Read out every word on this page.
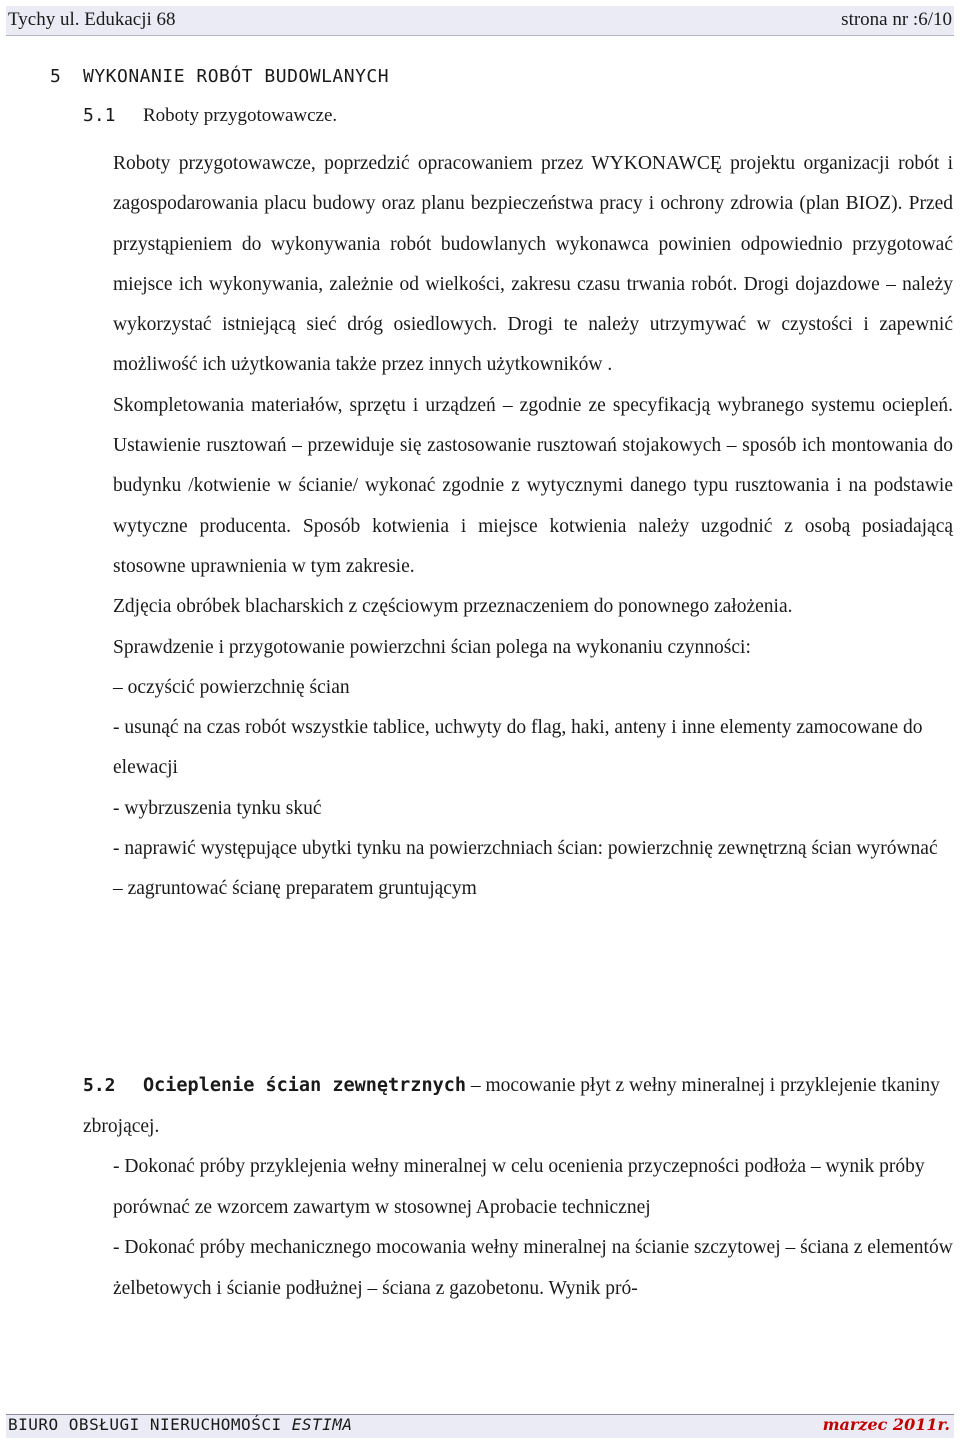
Tychy ul. Edukacji 68	strona nr :6/10
5 WYKONANIE ROBÓT BUDOWLANYCH
5.1 Roboty przygotowawcze.

Roboty przygotowawcze, poprzedzić opracowaniem przez WYKONAWCĘ projektu organizacji robót i zagospodarowania placu budowy oraz planu bezpieczeństwa pracy i ochrony zdrowia (plan BIOZ). Przed przystąpieniem do wykonywania robót budowlanych wykonawca powinien odpowiednio przygotować miejsce ich wykonywania, zależnie od wielkości, zakresu czasu trwania robót. Drogi dojazdowe – należy wykorzystać istniejącą sieć dróg osiedlowych. Drogi te należy utrzymywać w czystości i zapewnić możliwość ich użytkowania także przez innych użytkowników .

Skompletowania materiałów, sprzętu i urządzeń – zgodnie ze specyfikacją wybranego systemu ociepleń. Ustawienie rusztowań – przewiduje się zastosowanie rusztowań stojakowych – sposób ich montowania do budynku /kotwienie w ścianie/ wykonać zgodnie z wytycznymi danego typu rusztowania i na podstawie wytyczne producenta. Sposób kotwienia i miejsce kotwienia należy uzgodnić z osobą posiadającą stosowne uprawnienia w tym zakresie.

Zdjęcia obróbek blacharskich z częściowym przeznaczeniem do ponownego założenia.

Sprawdzenie i przygotowanie powierzchni ścian polega na wykonaniu czynności:

– oczyścić powierzchnię ścian

- usunąć na czas robót wszystkie tablice, uchwyty do flag, haki, anteny i inne elementy zamocowane do elewacji

- wybrzuszenia tynku skuć

- naprawić występujące ubytki tynku na powierzchniach ścian: powierzchnię zewnętrzną ścian wyrównać

– zagruntować ścianę preparatem gruntującym

5.2 Ocieplenie ścian zewnętrznych – mocowanie płyt z wełny mineralnej i przyklejenie tkaniny zbrojącej.

- Dokonać próby przyklejenia wełny mineralnej w celu ocenienia przyczepności podłoża – wynik próby porównać ze wzorcem zawartym w stosownej Aprobacie technicznej

- Dokonać próby mechanicznego mocowania wełny mineralnej na ścianie szczytowej – ściana z elementów żelbetowych i ścianie podłużnej – ściana z gazobetonu. Wynik pró-

BIURO OBSŁUGI NIERUCHOMOŚCI ESTIMA	marzec 2011r.
